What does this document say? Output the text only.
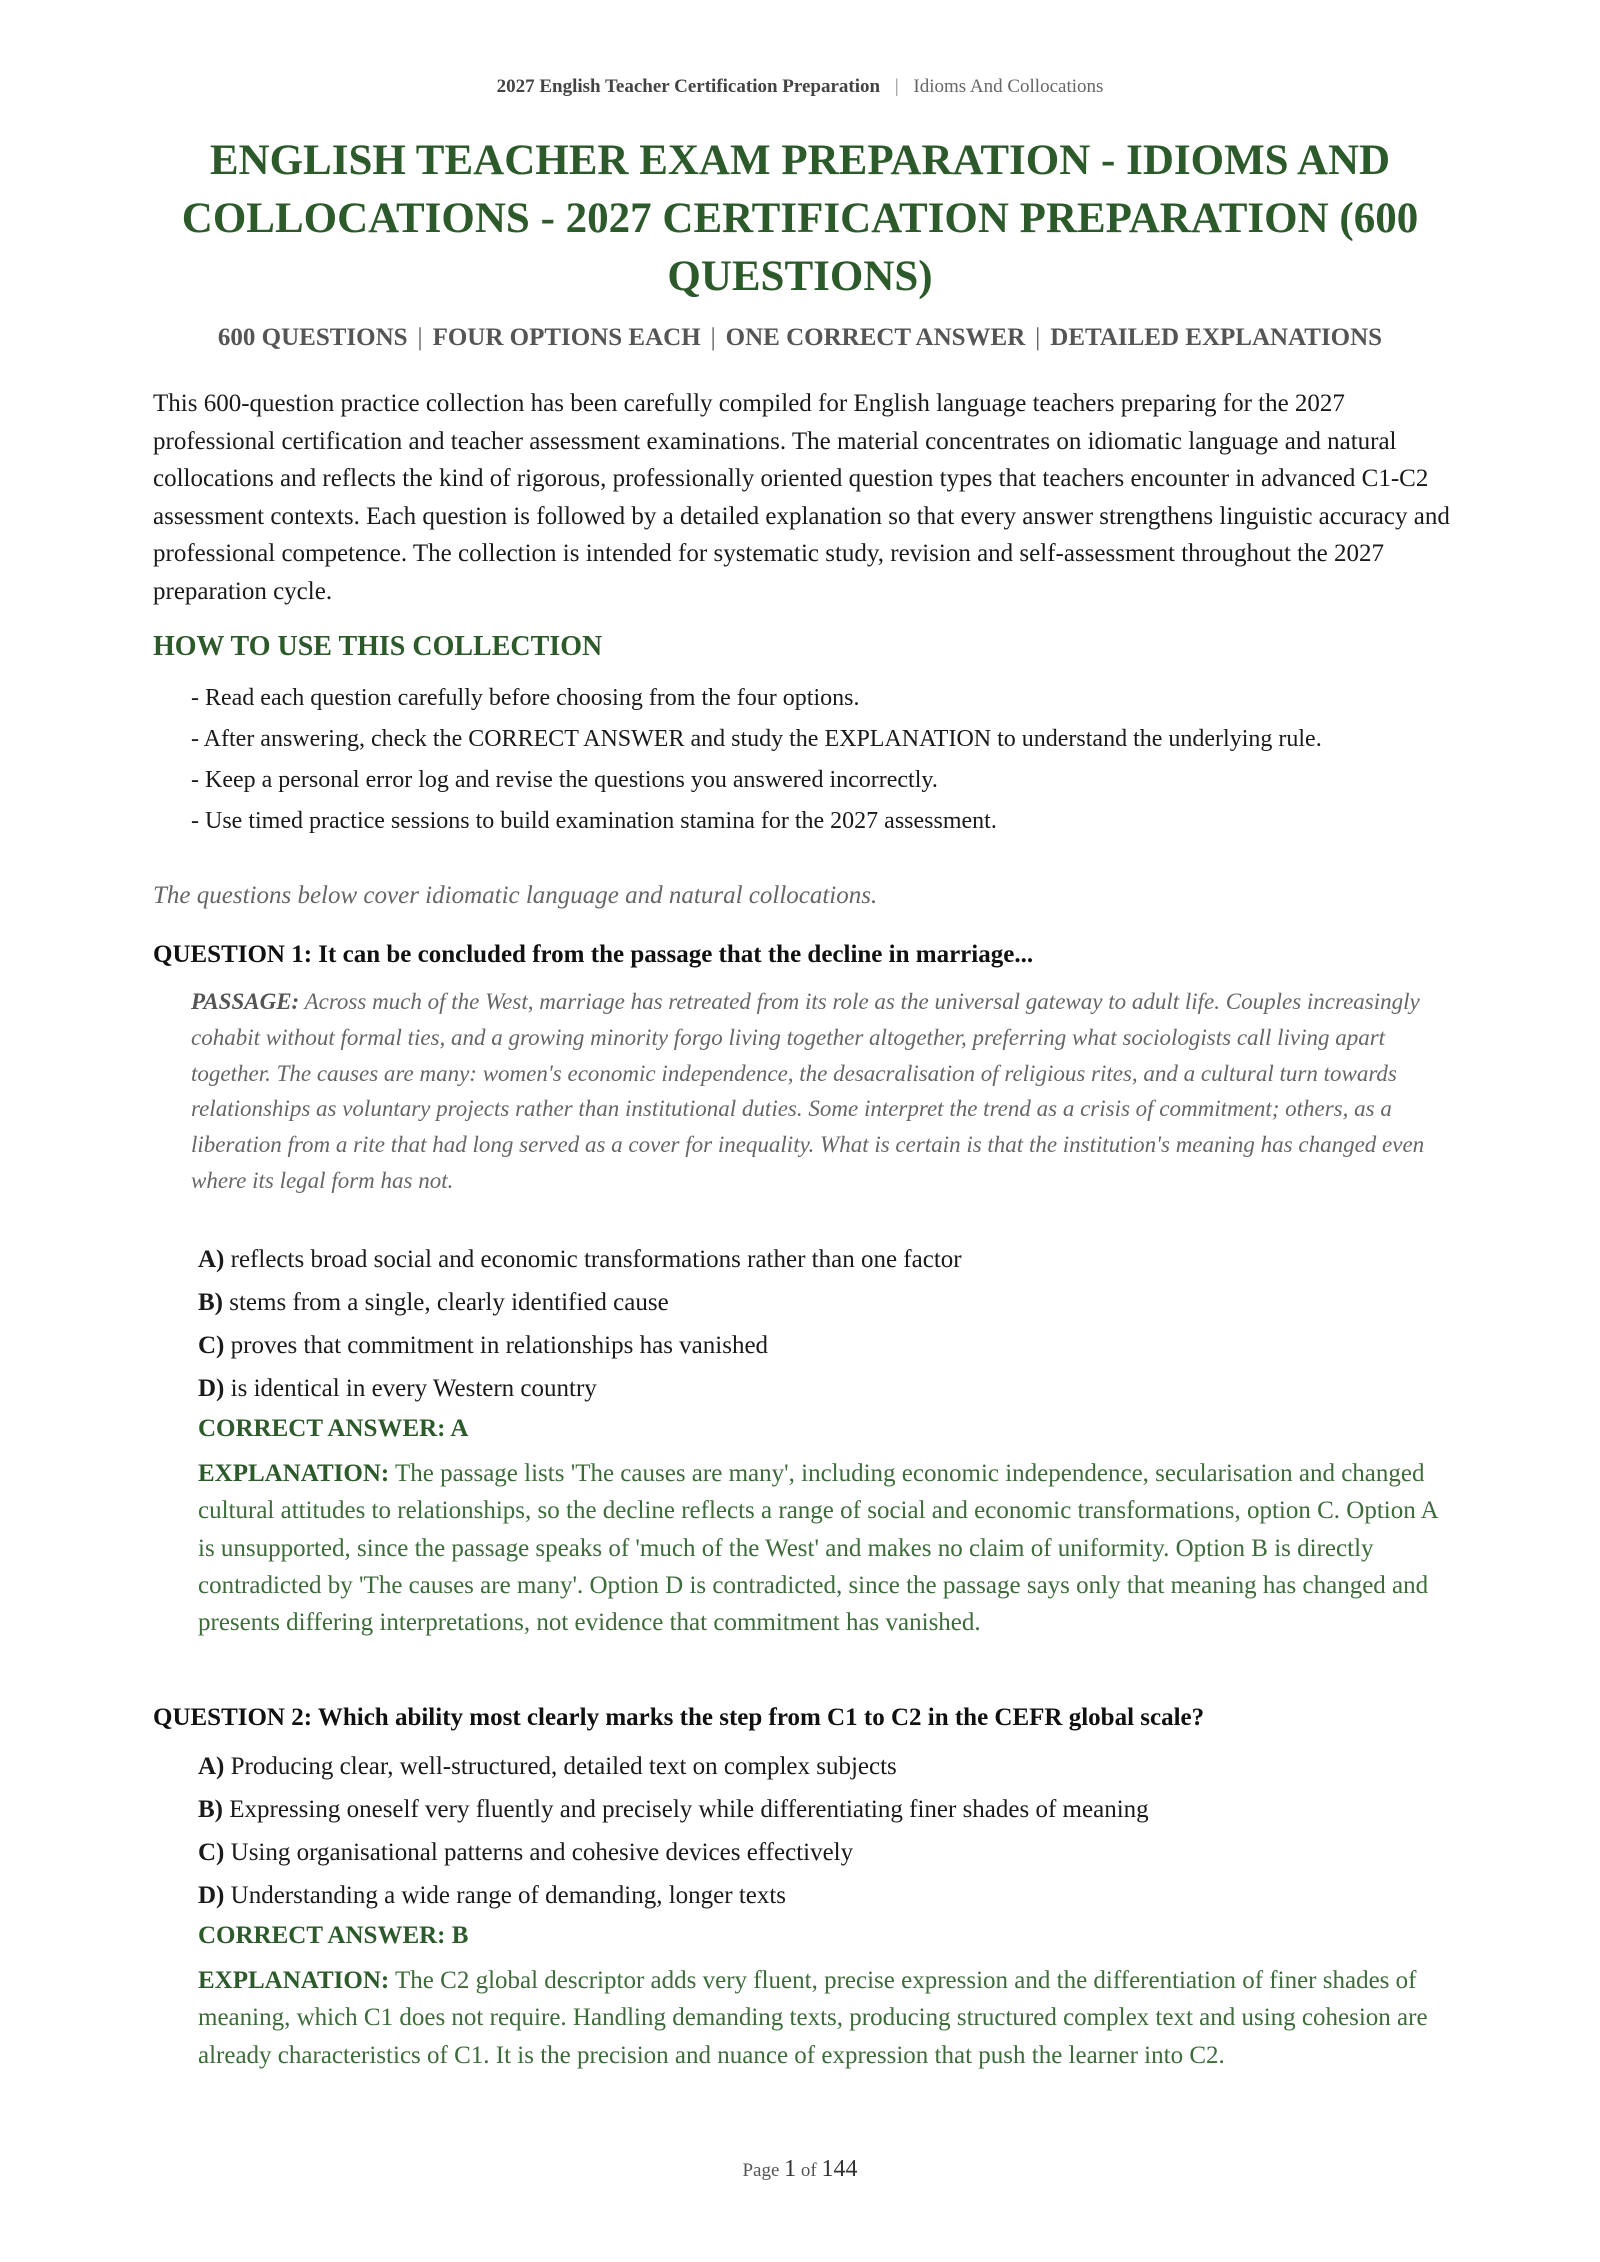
2027 English Teacher Certification Preparation | Idioms And Collocations
ENGLISH TEACHER EXAM PREPARATION - IDIOMS AND
COLLOCATIONS - 2027 CERTIFICATION PREPARATION (600
QUESTIONS)
600 QUESTIONS | FOUR OPTIONS EACH | ONE CORRECT ANSWER | DETAILED EXPLANATIONS

This 600-question practice collection has been carefully compiled for English language teachers preparing for the 2027 professional certification and teacher assessment examinations. The material concentrates on idiomatic language and natural collocations and reflects the kind of rigorous, professionally oriented question types that teachers encounter in advanced C1-C2 assessment contexts. Each question is followed by a detailed explanation so that every answer strengthens linguistic accuracy and professional competence. The collection is intended for systematic study, revision and self-assessment throughout the 2027 preparation cycle.

HOW TO USE THIS COLLECTION
- Read each question carefully before choosing from the four options.
- After answering, check the CORRECT ANSWER and study the EXPLANATION to understand the underlying rule.
- Keep a personal error log and revise the questions you answered incorrectly.
- Use timed practice sessions to build examination stamina for the 2027 assessment.
The questions below cover idiomatic language and natural collocations.
QUESTION 1: It can be concluded from the passage that the decline in marriage...

PASSAGE: Across much of the West, marriage has retreated from its role as the universal gateway to adult life. Couples increasingly cohabit without formal ties, and a growing minority forgo living together altogether, preferring what sociologists call living apart together. The causes are many: women's economic independence, the desacralisation of religious rites, and a cultural turn towards relationships as voluntary projects rather than institutional duties. Some interpret the trend as a crisis of commitment; others, as a liberation from a rite that had long served as a cover for inequality. What is certain is that the institution's meaning has changed even where its legal form has not.

A) reflects broad social and economic transformations rather than one factor
B) stems from a single, clearly identified cause
C) proves that commitment in relationships has vanished
D) is identical in every Western country
CORRECT ANSWER: A

EXPLANATION: The passage lists 'The causes are many', including economic independence, secularisation and changed cultural attitudes to relationships, so the decline reflects a range of social and economic transformations, option C. Option A is unsupported, since the passage speaks of 'much of the West' and makes no claim of uniformity. Option B is directly contradicted by 'The causes are many'. Option D is contradicted, since the passage says only that meaning has changed and presents differing interpretations, not evidence that commitment has vanished.

QUESTION 2: Which ability most clearly marks the step from C1 to C2 in the CEFR global scale?
A) Producing clear, well-structured, detailed text on complex subjects
B) Expressing oneself very fluently and precisely while differentiating finer shades of meaning
C) Using organisational patterns and cohesive devices effectively
D) Understanding a wide range of demanding, longer texts
CORRECT ANSWER: B

EXPLANATION: The C2 global descriptor adds very fluent, precise expression and the differentiation of finer shades of meaning, which C1 does not require. Handling demanding texts, producing structured complex text and using cohesion are already characteristics of C1. It is the precision and nuance of expression that push the learner into C2.

Page 1 of 144
